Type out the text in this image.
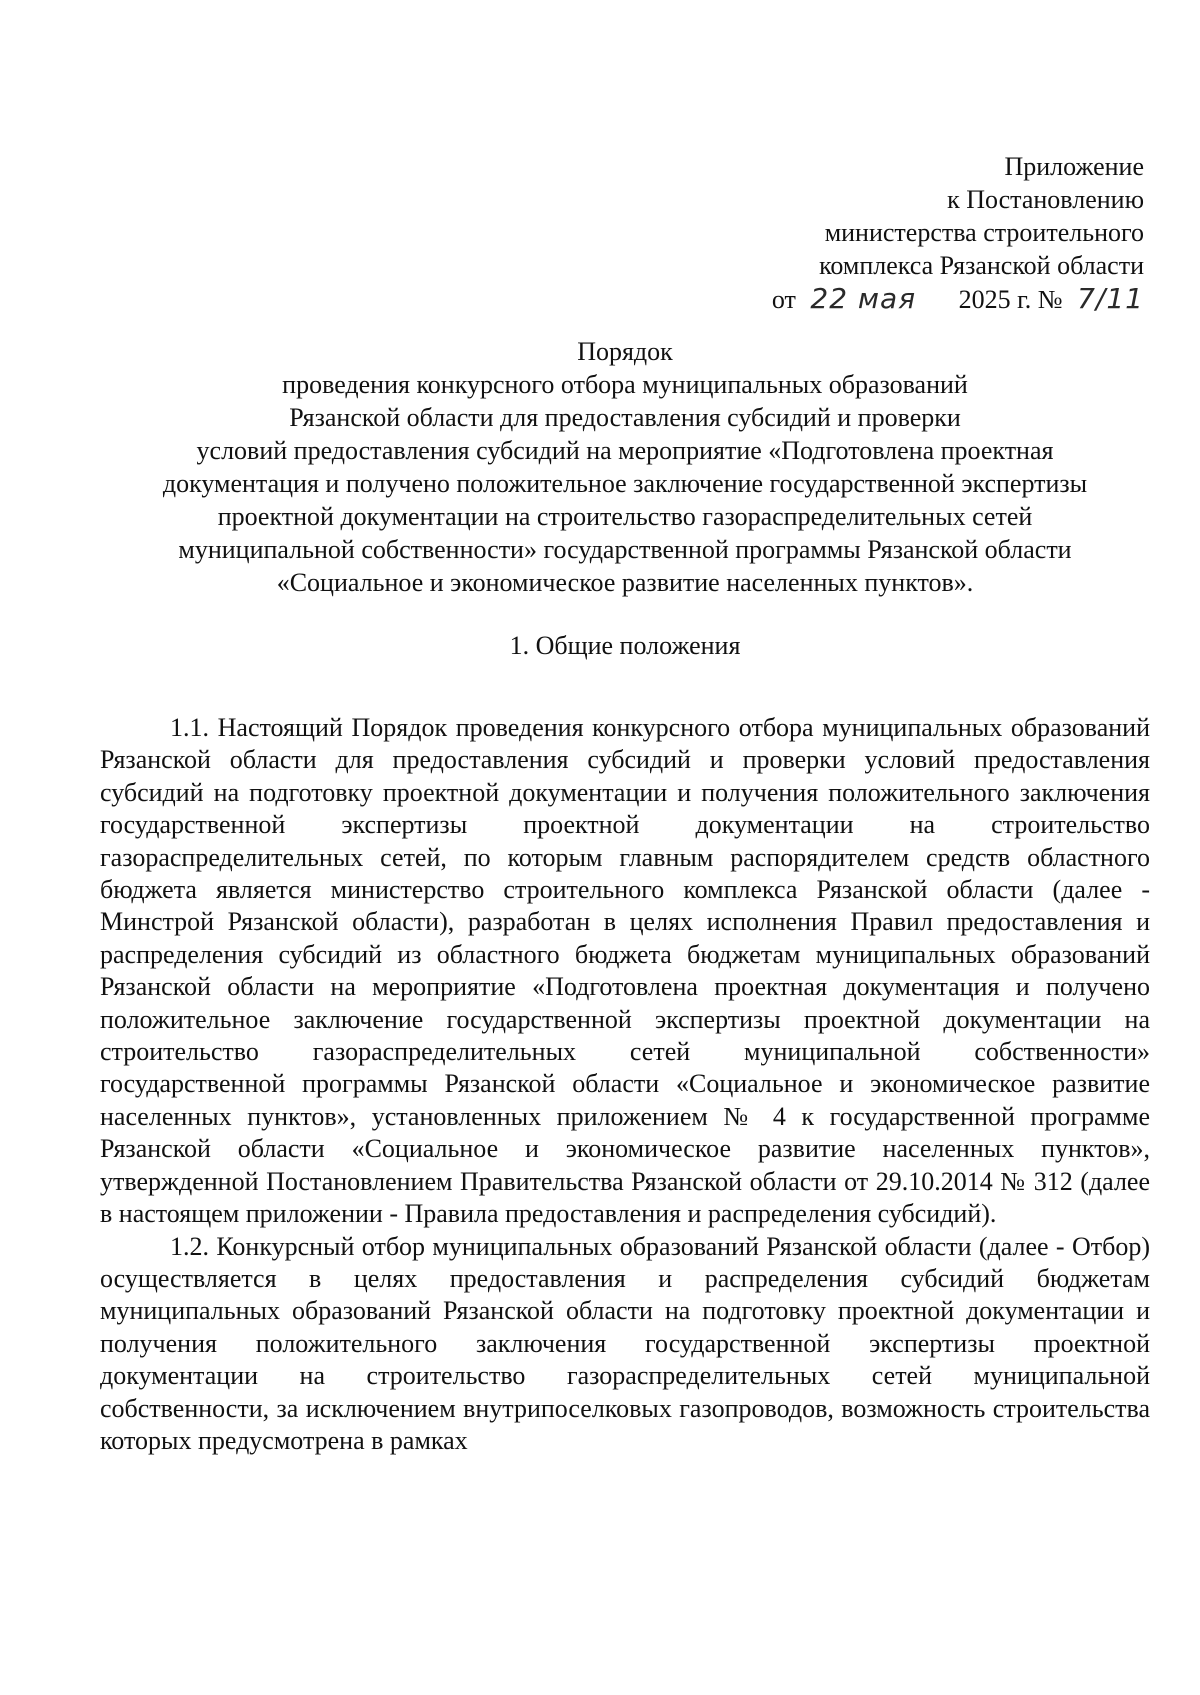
Приложение
к Постановлению
министерства строительного
комплекса Рязанской области
от 22 мая 2025 г. № 7/11
Порядок
проведения конкурсного отбора муниципальных образований
Рязанской области для предоставления субсидий и проверки
условий предоставления субсидий на мероприятие «Подготовлена проектная
документация и получено положительное заключение государственной экспертизы
проектной документации на строительство газораспределительных сетей
муниципальной собственности» государственной программы Рязанской области
«Социальное и экономическое развитие населенных пунктов».
1. Общие положения

1.1. Настоящий Порядок проведения конкурсного отбора муниципальных образований Рязанской области для предоставления субсидий и проверки условий предоставления субсидий на подготовку проектной документации и получения положительного заключения государственной экспертизы проектной документации на строительство газораспределительных сетей, по которым главным распорядителем средств областного бюджета является министерство строительного комплекса Рязанской области (далее - Минстрой Рязанской области), разработан в целях исполнения Правил предоставления и распределения субсидий из областного бюджета бюджетам муниципальных образований Рязанской области на мероприятие «Подготовлена проектная документация и получено положительное заключение государственной экспертизы проектной документации на строительство газораспределительных сетей муниципальной собственности» государственной программы Рязанской области «Социальное и экономическое развитие населенных пунктов», установленных приложением № 4 к государственной программе Рязанской области «Социальное и экономическое развитие населенных пунктов», утвержденной Постановлением Правительства Рязанской области от 29.10.2014 № 312 (далее в настоящем приложении - Правила предоставления и распределения субсидий).

1.2. Конкурсный отбор муниципальных образований Рязанской области (далее - Отбор) осуществляется в целях предоставления и распределения субсидий бюджетам муниципальных образований Рязанской области на подготовку проектной документации и получения положительного заключения государственной экспертизы проектной документации на строительство газораспределительных сетей муниципальной собственности, за исключением внутрипоселковых газопроводов, возможность строительства которых предусмотрена в рамках
